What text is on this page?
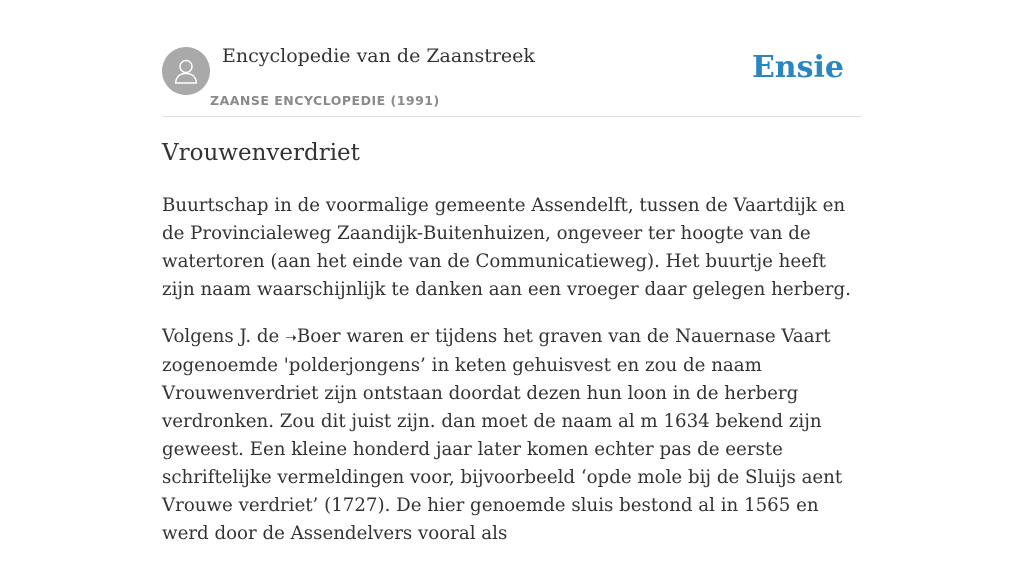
Encyclopedie van de Zaanstreek
ZAANSE ENCYCLOPEDIE (1991)
Ensie
Vrouwenverdriet

Buurtschap in de voormalige gemeente Assendelft, tussen de Vaartdijk en de Provincialeweg Zaandijk-Buitenhuizen, ongeveer ter hoogte van de watertoren (aan het einde van de Communicatieweg). Het buurtje heeft zijn naam waarschijnlijk te danken aan een vroeger daar gelegen herberg.

Volgens J. de ➝Boer waren er tijdens het graven van de Nauernase Vaart zogenoemde 'polderjongens’ in keten gehuisvest en zou de naam Vrouwenverdriet zijn ontstaan doordat dezen hun loon in de herberg verdronken. Zou dit juist zijn. dan moet de naam al m 1634 bekend zijn geweest. Een kleine honderd jaar later komen echter pas de eerste schriftelijke vermeldingen voor, bijvoorbeeld ‘opde mole bij de Sluijs aent Vrouwe verdriet’ (1727). De hier genoemde sluis bestond al in 1565 en werd door de Assendelvers vooral als
